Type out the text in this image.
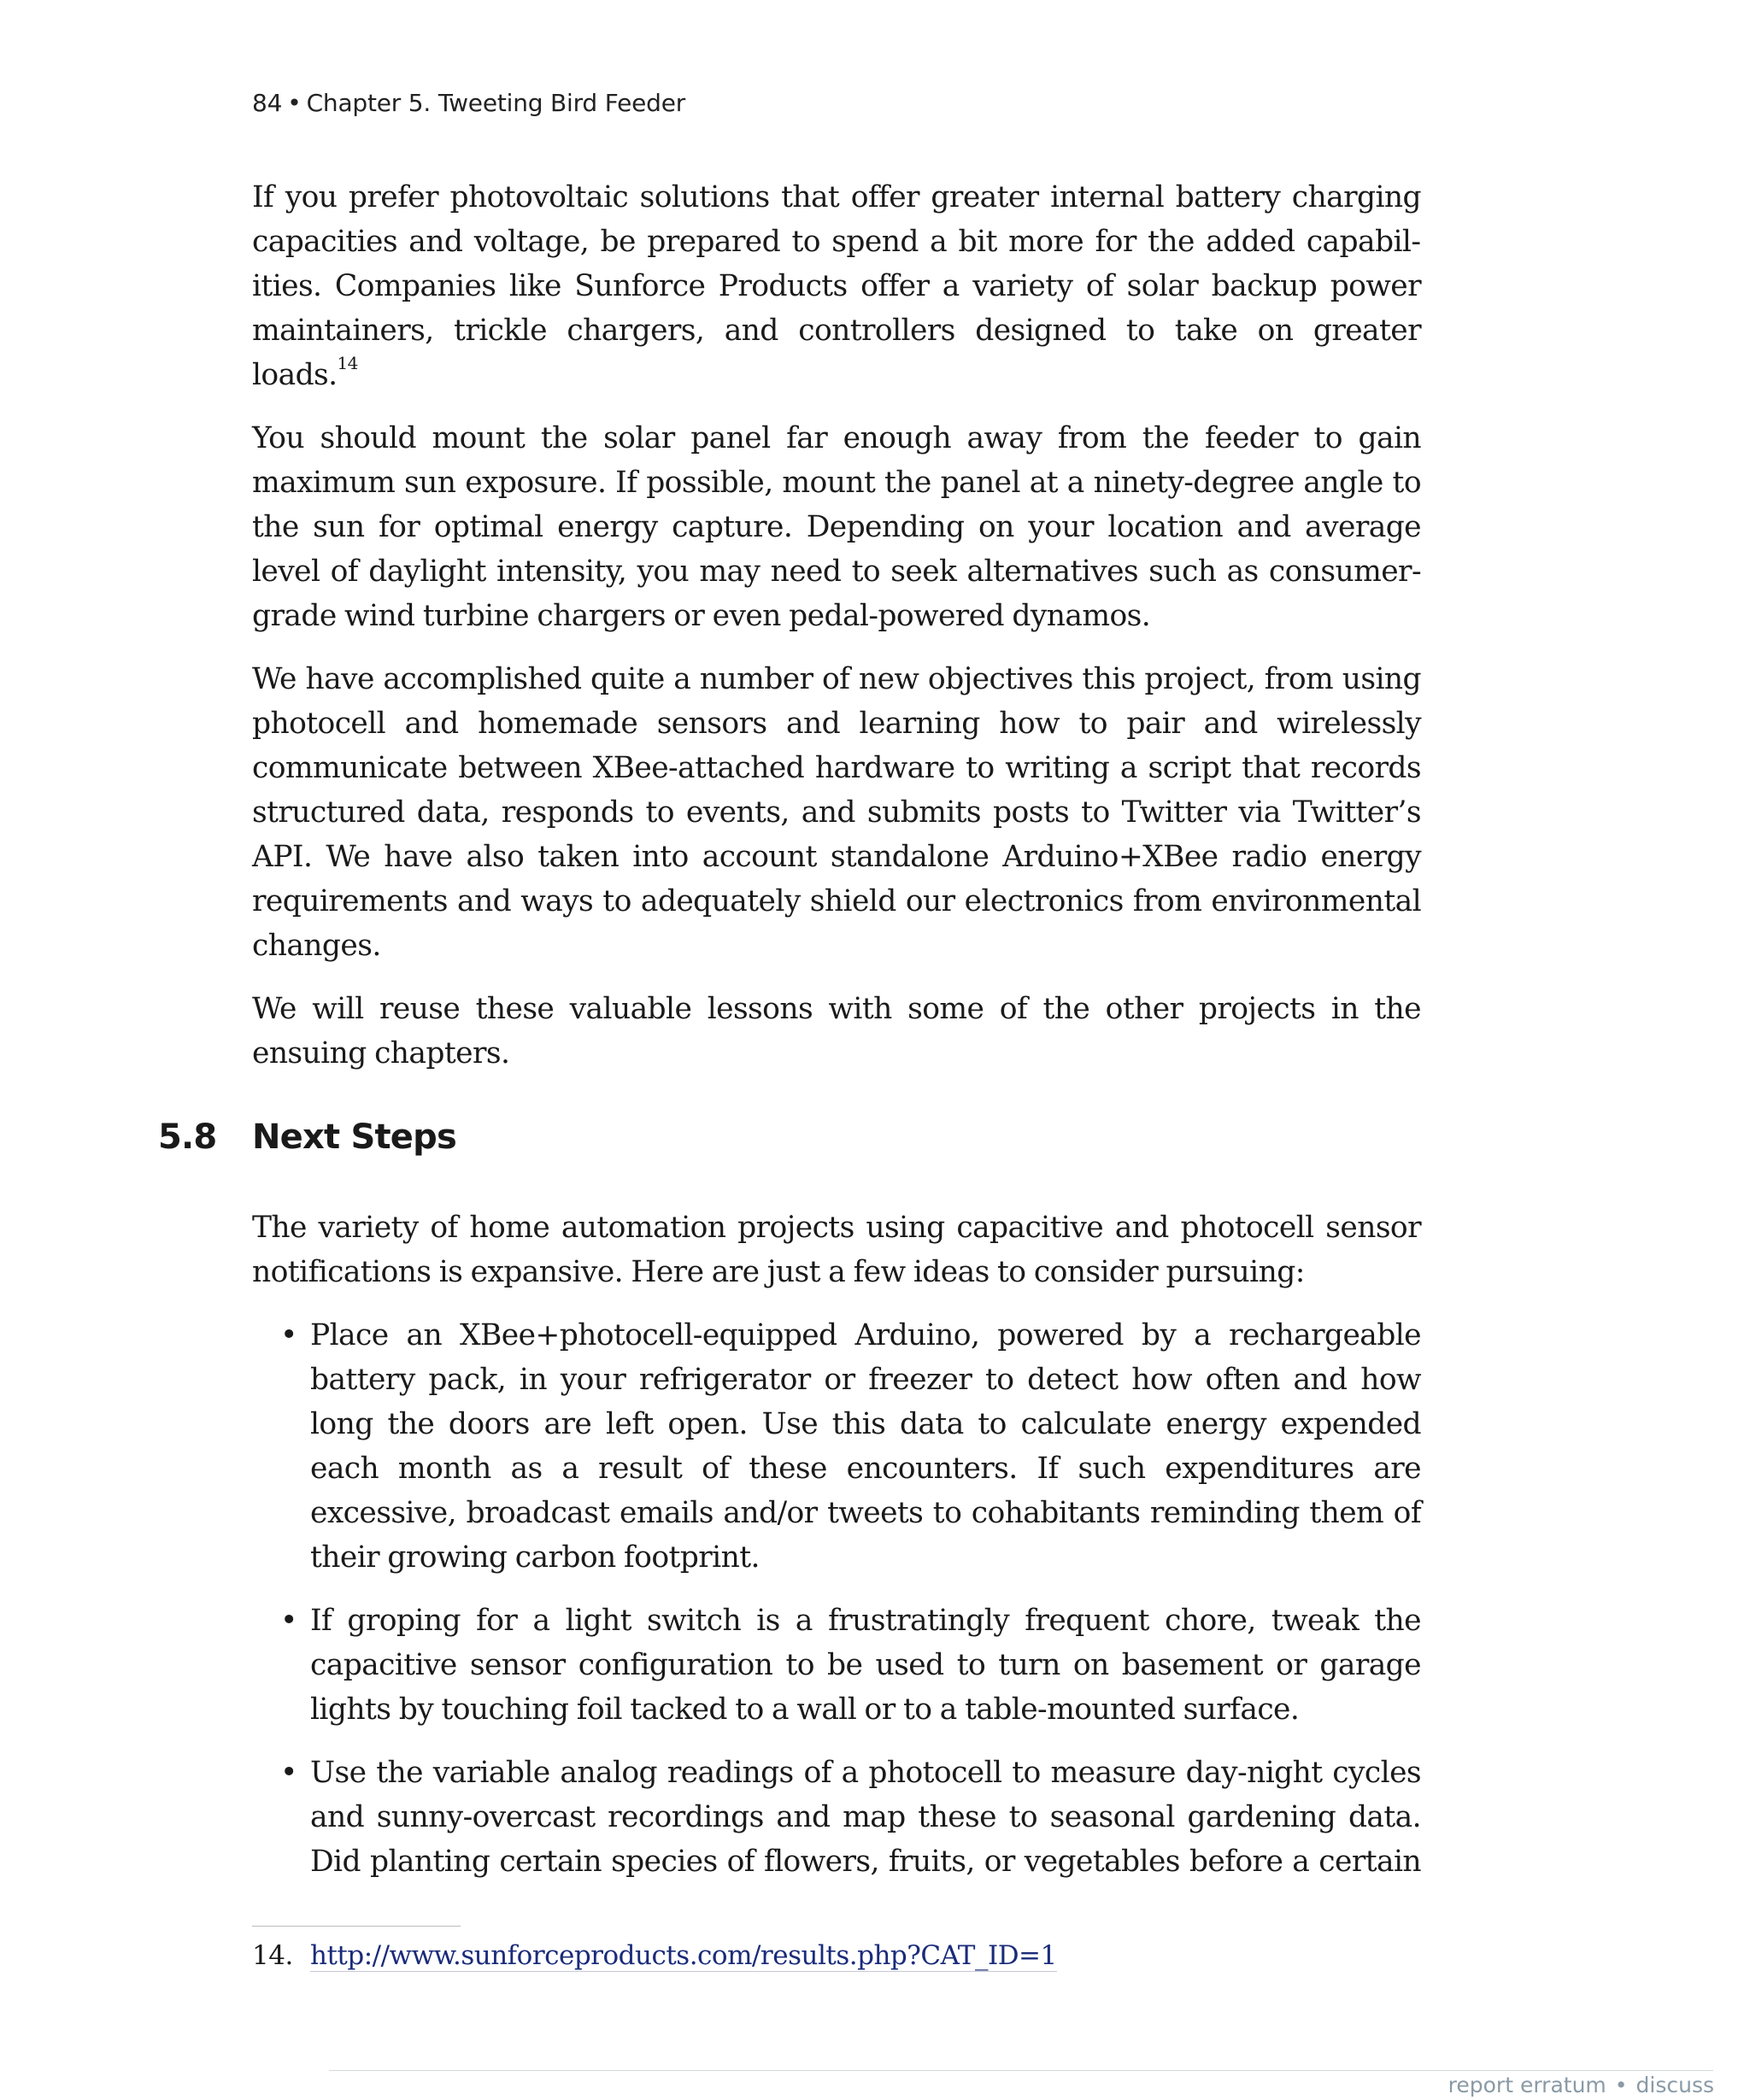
84 • Chapter 5. Tweeting Bird Feeder

If you prefer photovoltaic solutions that offer greater internal battery charging capacities and voltage, be prepared to spend a bit more for the added capabilities. Companies like Sunforce Products offer a variety of solar backup power maintainers, trickle chargers, and controllers designed to take on greater loads.$^{14}$

You should mount the solar panel far enough away from the feeder to gain maximum sun exposure. If possible, mount the panel at a ninety-degree angle to the sun for optimal energy capture. Depending on your location and average level of daylight intensity, you may need to seek alternatives such as consumer-grade wind turbine chargers or even pedal-powered dynamos.

We have accomplished quite a number of new objectives this project, from using photocell and homemade sensors and learning how to pair and wirelessly communicate between XBee-attached hardware to writing a script that records structured data, responds to events, and submits posts to Twitter via Twitter’s API. We have also taken into account standalone Arduino+XBee radio energy requirements and ways to adequately shield our electronics from environmental changes.

We will reuse these valuable lessons with some of the other projects in the ensuing chapters.

5.8 Next Steps

The variety of home automation projects using capacitive and photocell sensor notifications is expansive. Here are just a few ideas to consider pursuing:

• Place an XBee+photocell-equipped Arduino, powered by a rechargeable battery pack, in your refrigerator or freezer to detect how often and how long the doors are left open. Use this data to calculate energy expended each month as a result of these encounters. If such expenditures are excessive, broadcast emails and/or tweets to cohabitants reminding them of their growing carbon footprint.
• If groping for a light switch is a frustratingly frequent chore, tweak the capacitive sensor configuration to be used to turn on basement or garage lights by touching foil tacked to a wall or to a table-mounted surface.
• Use the variable analog readings of a photocell to measure day-night cycles and sunny-overcast recordings and map these to seasonal gardening data. Did planting certain species of flowers, fruits, or vegetables before a certain
14. http://www.sunforceproducts.com/results.php?CAT_ID=1
report erratum • discuss
